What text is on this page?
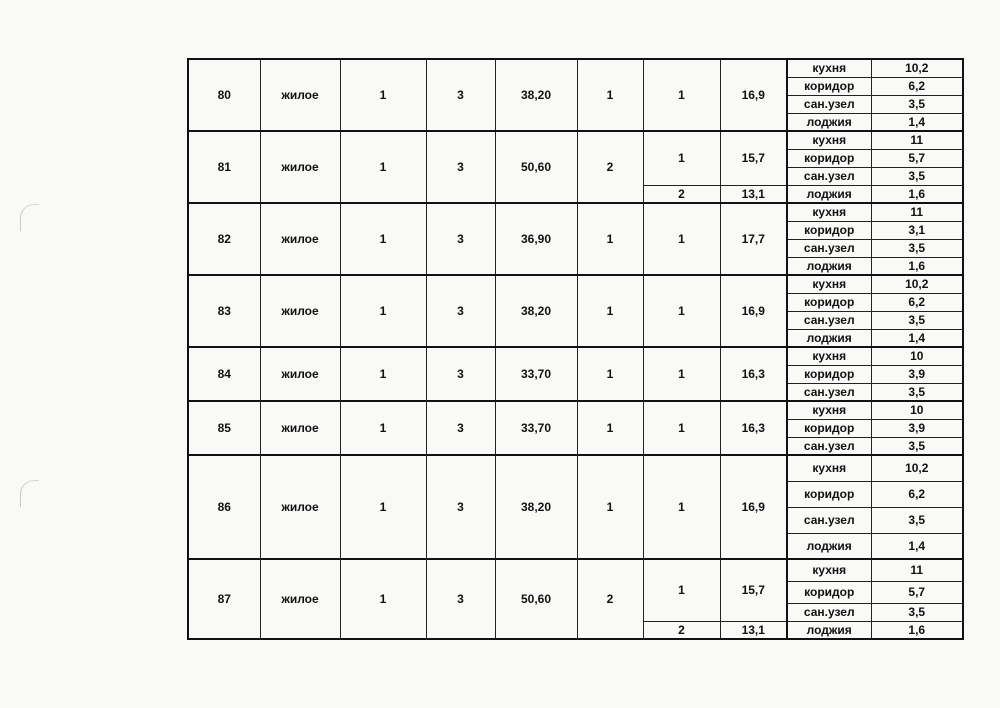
80	жилое	1	3	38,20	1	1	16,9	кухня	10,2
								коридор	6,2
								сан.узел	3,5
								лоджия	1,4
81	жилое	1	3	50,60	2	1	15,7	кухня	11
								коридор	5,7
								сан.узел	3,5
						2	13,1	лоджия	1,6
82	жилое	1	3	36,90	1	1	17,7	кухня	11
								коридор	3,1
								сан.узел	3,5
								лоджия	1,6
83	жилое	1	3	38,20	1	1	16,9	кухня	10,2
								коридор	6,2
								сан.узел	3,5
								лоджия	1,4
84	жилое	1	3	33,70	1	1	16,3	кухня	10
								коридор	3,9
								сан.узел	3,5
85	жилое	1	3	33,70	1	1	16,3	кухня	10
								коридор	3,9
								сан.узел	3,5
86	жилое	1	3	38,20	1	1	16,9	кухня	10,2
								коридор	6,2
								сан.узел	3,5
								лоджия	1,4
87	жилое	1	3	50,60	2	1	15,7	кухня	11
								коридор	5,7
								сан.узел	3,5
						2	13,1	лоджия	1,6
